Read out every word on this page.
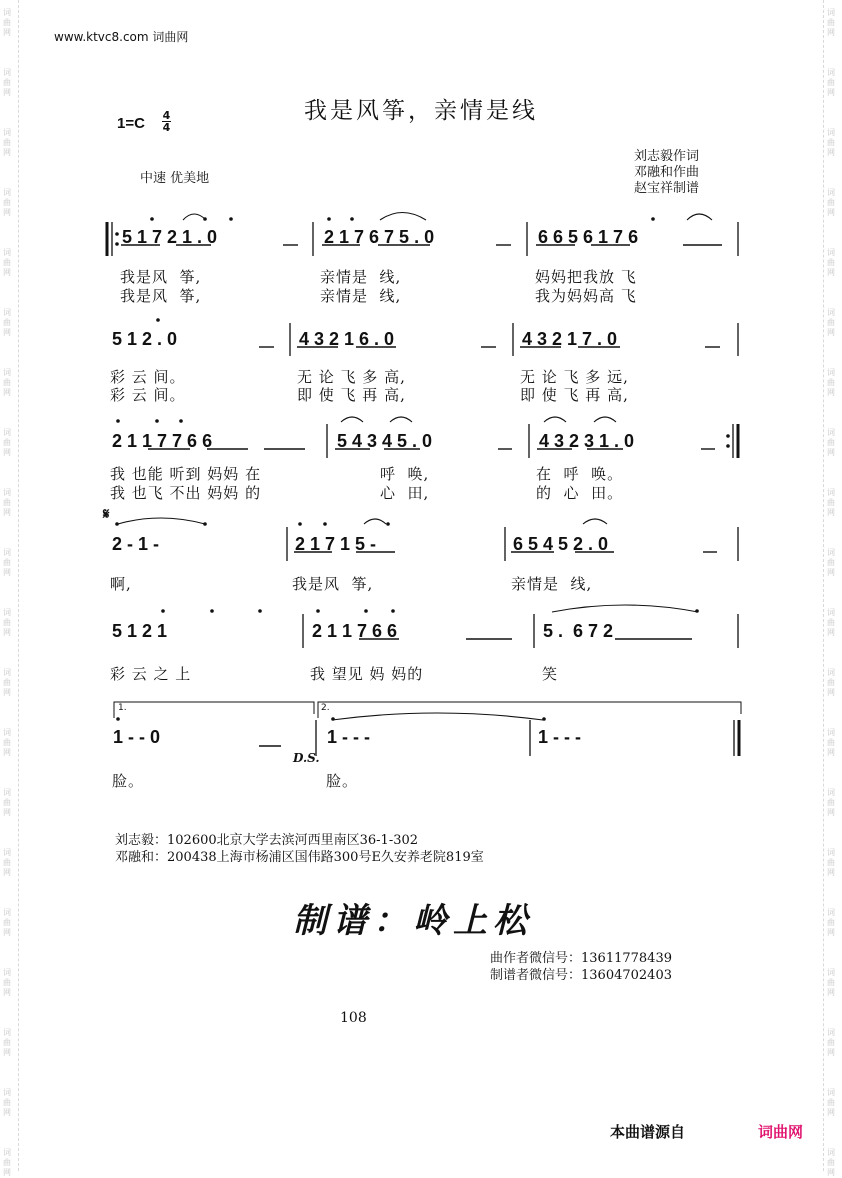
词
曲
网
词
曲
网
词
曲
网
词
曲
网
词
曲
网
词
曲
网
词
曲
网
词
曲
网
词
曲
网
词
曲
网
词
曲
网
词
曲
网
词
曲
网
词
曲
网
词
曲
网
词
曲
网
词
曲
网
词
曲
网
词
曲
网
词
曲
网
词
曲
网
词
曲
网
词
曲
网
词
曲
网
词
曲
网
词
曲
网
词
曲
网
词
曲
网
词
曲
网
词
曲
网
词
曲
网
词
曲
网
词
曲
网
词
曲
网
词
曲
网
词
曲
网
词
曲
网
词
曲
网
词
曲
网
词
曲
网
www.ktvc8.com 词曲网
我是风筝，亲情是线
1=C 4
4
中速 优美地
刘志毅作词
邓融和作曲
赵宝祥制谱
5 1 7 2 1 . 0	2 1 7 6 7 5 . 0	6 6 5 6 1 7 6
我是风  筝,	亲情是  线,	妈妈把我放 飞
我是风  筝,	亲情是  线,	我为妈妈高 飞
5 1 2 . 0	4 3 2 1 6 . 0	4 3 2 1 7 . 0
彩 云 间。	无 论 飞 多 高,	无 论 飞 多 远,
彩 云 间。	即 使 飞 再 高,	即 使 飞 再 高,
2 1 1 7 7 6 6	5 4 3 4 5 . 0	4 3 2 3 1 . 0
我 也能 听到 妈妈 在	呼  唤,	在  呼  唤。
我 也飞 不出 妈妈 的	心  田,	的  心  田。
𝄋
2 - 1 -	2 1 7 1 5 -	6 5 4 5 2 . 0
啊,	我是风  筝,	亲情是  线,
5 1 2 1	2 1 1 7 6 6	5 .  6 7 2
彩 云 之 上	我 望见 妈 妈的	笑
1.	2.
1 - - 0	1 - - -	1 - - -
D.S.
脸。	脸。
刘志毅：102600北京大学去滨河西里南区36-1-302
邓融和：200438上海市杨浦区国伟路300号E久安养老院819室
制谱：岭上松
曲作者微信号：13611778439
制谱者微信号：13604702403
108
本曲谱源自	词曲网
